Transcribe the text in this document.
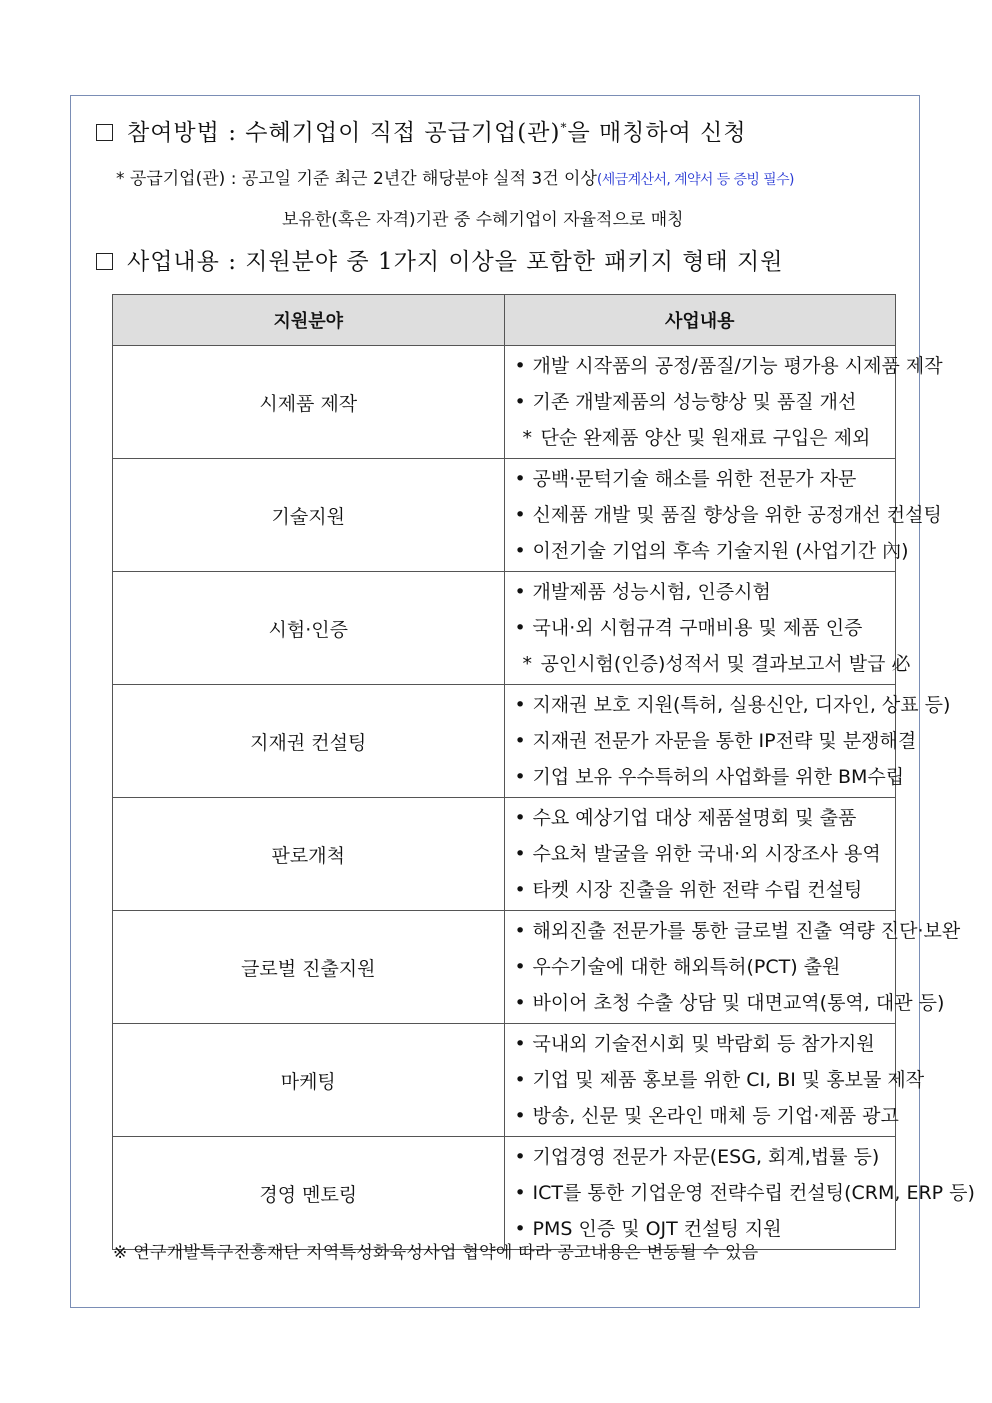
참여방법 : 수혜기업이 직접 공급기업(관)*을 매칭하여 신청
* 공급기업(관) : 공고일 기준 최근 2년간 해당분야 실적 3건 이상(세금계산서, 계약서 등 증빙 필수)
보유한(혹은 자격)기관 중 수혜기업이 자율적으로 매칭
사업내용 : 지원분야 중 1가지 이상을 포함한 패키지 형태 지원
지원분야	사업내용
시제품 제작	• 개발 시작품의 공정/품질/기능 평가용 시제품 제작
• 기존 개발제품의 성능향상 및 품질 개선
* 단순 완제품 양산 및 원재료 구입은 제외

기술지원	• 공백·문턱기술 해소를 위한 전문가 자문
• 신제품 개발 및 품질 향상을 위한 공정개선 컨설팅
• 이전기술 기업의 후속 기술지원 (사업기간 內)

시험·인증	• 개발제품 성능시험, 인증시험
• 국내·외 시험규격 구매비용 및 제품 인증
* 공인시험(인증)성적서 및 결과보고서 발급 必

지재권 컨설팅	• 지재권 보호 지원(특허, 실용신안, 디자인, 상표 등)
• 지재권 전문가 자문을 통한 IP전략 및 분쟁해결
• 기업 보유 우수특허의 사업화를 위한 BM수립

판로개척	• 수요 예상기업 대상 제품설명회 및 출품
• 수요처 발굴을 위한 국내·외 시장조사 용역
• 타켓 시장 진출을 위한 전략 수립 컨설팅

글로벌 진출지원	• 해외진출 전문가를 통한 글로벌 진출 역량 진단·보완
• 우수기술에 대한 해외특허(PCT) 출원
• 바이어 초청 수출 상담 및 대면교역(통역, 대관 등)

마케팅	• 국내외 기술전시회 및 박람회 등 참가지원
• 기업 및 제품 홍보를 위한 CI, BI 및 홍보물 제작
• 방송, 신문 및 온라인 매체 등 기업·제품 광고

경영 멘토링	• 기업경영 전문가 자문(ESG, 회계,법률 등)
• ICT를 통한 기업운영 전략수립 컨설팅(CRM, ERP 등)
• PMS 인증 및 OJT 컨설팅 지원
※ 연구개발특구진흥재단 지역특성화육성사업 협약에 따라 공고내용은 변동될 수 있음
